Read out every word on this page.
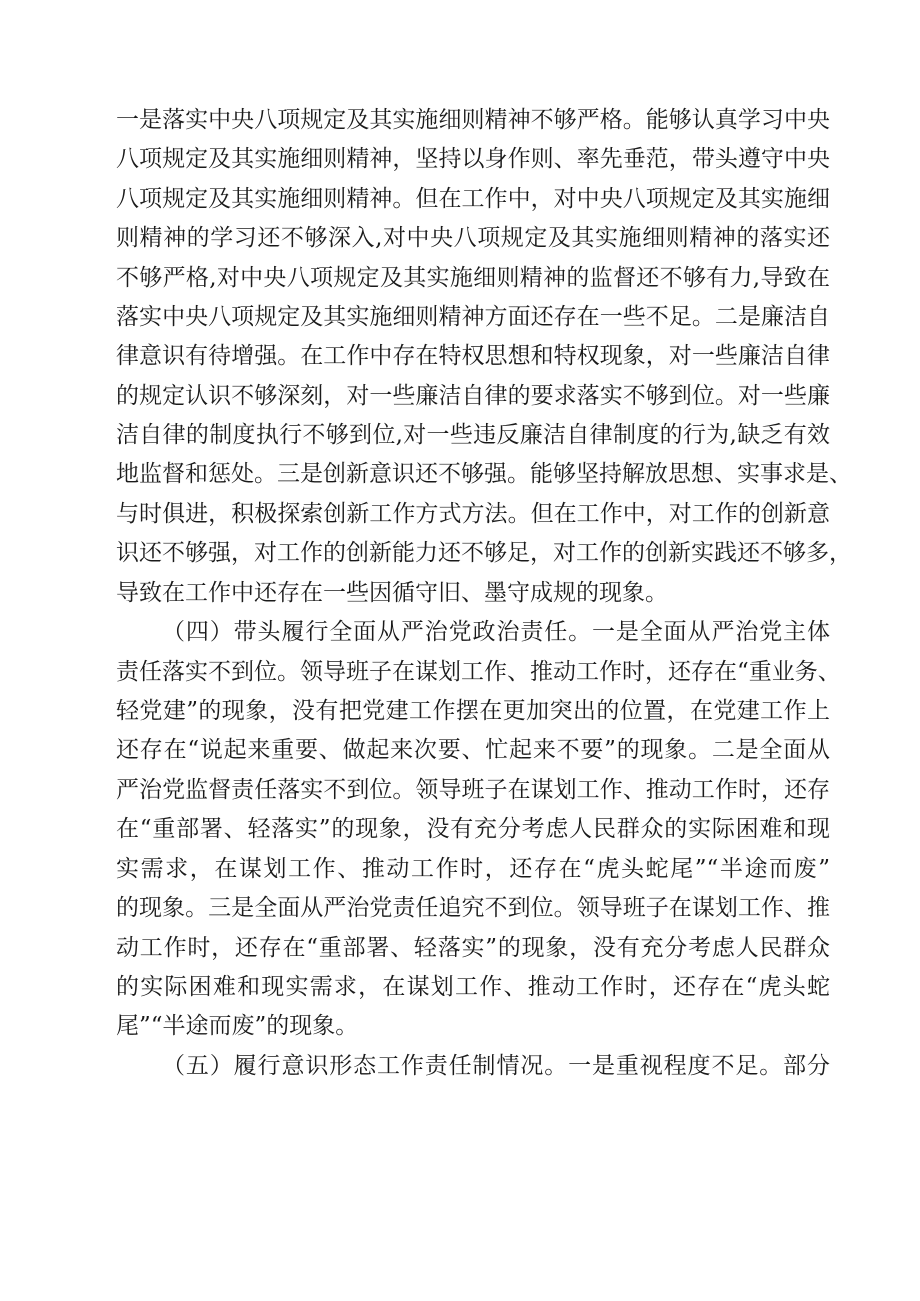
一是落实中央八项规定及其实施细则精神不够严格。能够认真学习中央
八项规定及其实施细则精神，坚持以身作则、率先垂范，带头遵守中央
八项规定及其实施细则精神。但在工作中，对中央八项规定及其实施细
则精神的学习还不够深入,对中央八项规定及其实施细则精神的落实还
不够严格,对中央八项规定及其实施细则精神的监督还不够有力,导致在
落实中央八项规定及其实施细则精神方面还存在一些不足。二是廉洁自
律意识有待增强。在工作中存在特权思想和特权现象，对一些廉洁自律
的规定认识不够深刻，对一些廉洁自律的要求落实不够到位。对一些廉
洁自律的制度执行不够到位,对一些违反廉洁自律制度的行为,缺乏有效
地监督和惩处。三是创新意识还不够强。能够坚持解放思想、实事求是、
与时俱进，积极探索创新工作方式方法。但在工作中，对工作的创新意
识还不够强，对工作的创新能力还不够足，对工作的创新实践还不够多，
导致在工作中还存在一些因循守旧、墨守成规的现象。
（四）带头履行全面从严治党政治责任。一是全面从严治党主体
责任落实不到位。领导班子在谋划工作、推动工作时，还存在“重业务、
轻党建”的现象，没有把党建工作摆在更加突出的位置，在党建工作上
还存在“说起来重要、做起来次要、忙起来不要”的现象。二是全面从
严治党监督责任落实不到位。领导班子在谋划工作、推动工作时，还存
在“重部署、轻落实”的现象，没有充分考虑人民群众的实际困难和现
实需求，在谋划工作、推动工作时，还存在“虎头蛇尾”“半途而废”
的现象。三是全面从严治党责任追究不到位。领导班子在谋划工作、推
动工作时，还存在“重部署、轻落实”的现象，没有充分考虑人民群众
的实际困难和现实需求，在谋划工作、推动工作时，还存在“虎头蛇
尾”“半途而废”的现象。
（五）履行意识形态工作责任制情况。一是重视程度不足。部分
